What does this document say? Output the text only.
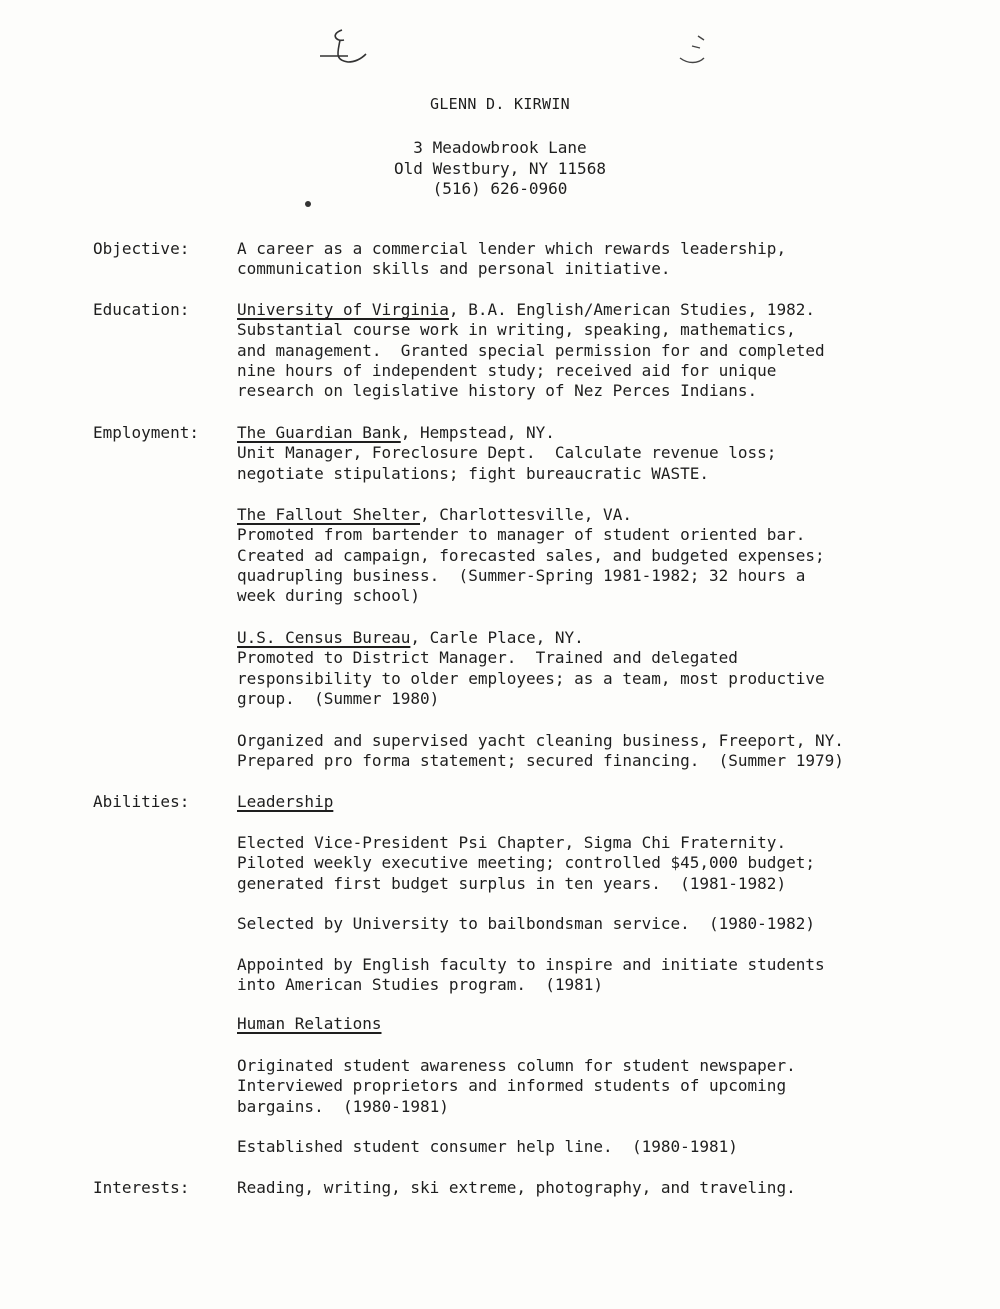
GLENN D. KIRWIN
3 Meadowbrook Lane
Old Westbury, NY 11568
(516) 626-0960
Objective:	A career as a commercial lender which rewards leadership,
communication skills and personal initiative.
Education:	University of Virginia, B.A. English/American Studies, 1982.
Substantial course work in writing, speaking, mathematics,
and management.  Granted special permission for and completed
nine hours of independent study; received aid for unique
research on legislative history of Nez Perces Indians.
Employment: The Guardian Bank, Hempstead, NY.
Unit Manager, Foreclosure Dept.  Calculate revenue loss;
negotiate stipulations; fight bureaucratic WASTE.
The Fallout Shelter, Charlottesville, VA.
Promoted from bartender to manager of student oriented bar.
Created ad campaign, forecasted sales, and budgeted expenses;
quadrupling business.  (Summer-Spring 1981-1982; 32 hours a
week during school)
U.S. Census Bureau, Carle Place, NY.
Promoted to District Manager.  Trained and delegated
responsibility to older employees; as a team, most productive
group.  (Summer 1980)
Organized and supervised yacht cleaning business, Freeport, NY.
Prepared pro forma statement; secured financing.  (Summer 1979)
Abilities:	Leadership
Elected Vice-President Psi Chapter, Sigma Chi Fraternity.
Piloted weekly executive meeting; controlled $45,000 budget;
generated first budget surplus in ten years.  (1981-1982)
Selected by University to bailbondsman service.  (1980-1982)
Appointed by English faculty to inspire and initiate students
into American Studies program.  (1981)
Human Relations
Originated student awareness column for student newspaper.
Interviewed proprietors and informed students of upcoming
bargains.  (1980-1981)
Established student consumer help line.  (1980-1981)
Interests:	Reading, writing, ski extreme, photography, and traveling.
